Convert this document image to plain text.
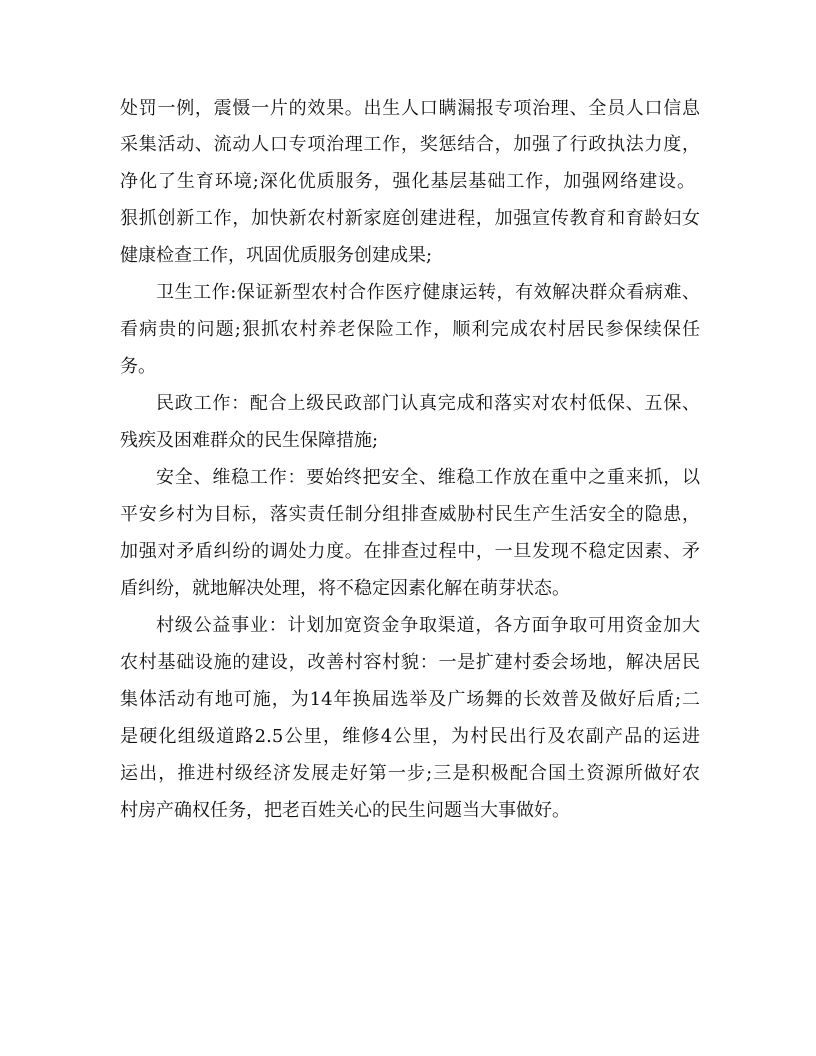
处罚一例，震慑一片的效果。出生人口瞒漏报专项治理、全员人口信息
采集活动、流动人口专项治理工作，奖惩结合，加强了行政执法力度，
净化了生育环境;深化优质服务，强化基层基础工作，加强网络建设。
狠抓创新工作，加快新农村新家庭创建进程，加强宣传教育和育龄妇女
健康检查工作，巩固优质服务创建成果;
卫生工作:保证新型农村合作医疗健康运转，有效解决群众看病难、
看病贵的问题;狠抓农村养老保险工作，顺利完成农村居民参保续保任
务。
民政工作：配合上级民政部门认真完成和落实对农村低保、五保、
残疾及困难群众的民生保障措施;
安全、维稳工作：要始终把安全、维稳工作放在重中之重来抓，以
平安乡村为目标，落实责任制分组排查威胁村民生产生活安全的隐患，
加强对矛盾纠纷的调处力度。在排查过程中，一旦发现不稳定因素、矛
盾纠纷，就地解决处理，将不稳定因素化解在萌芽状态。
村级公益事业：计划加宽资金争取渠道，各方面争取可用资金加大
农村基础设施的建设，改善村容村貌：一是扩建村委会场地，解决居民
集体活动有地可施，为14年换届选举及广场舞的长效普及做好后盾;二
是硬化组级道路2.5公里，维修4公里，为村民出行及农副产品的运进
运出，推进村级经济发展走好第一步;三是积极配合国土资源所做好农
村房产确权任务，把老百姓关心的民生问题当大事做好。
